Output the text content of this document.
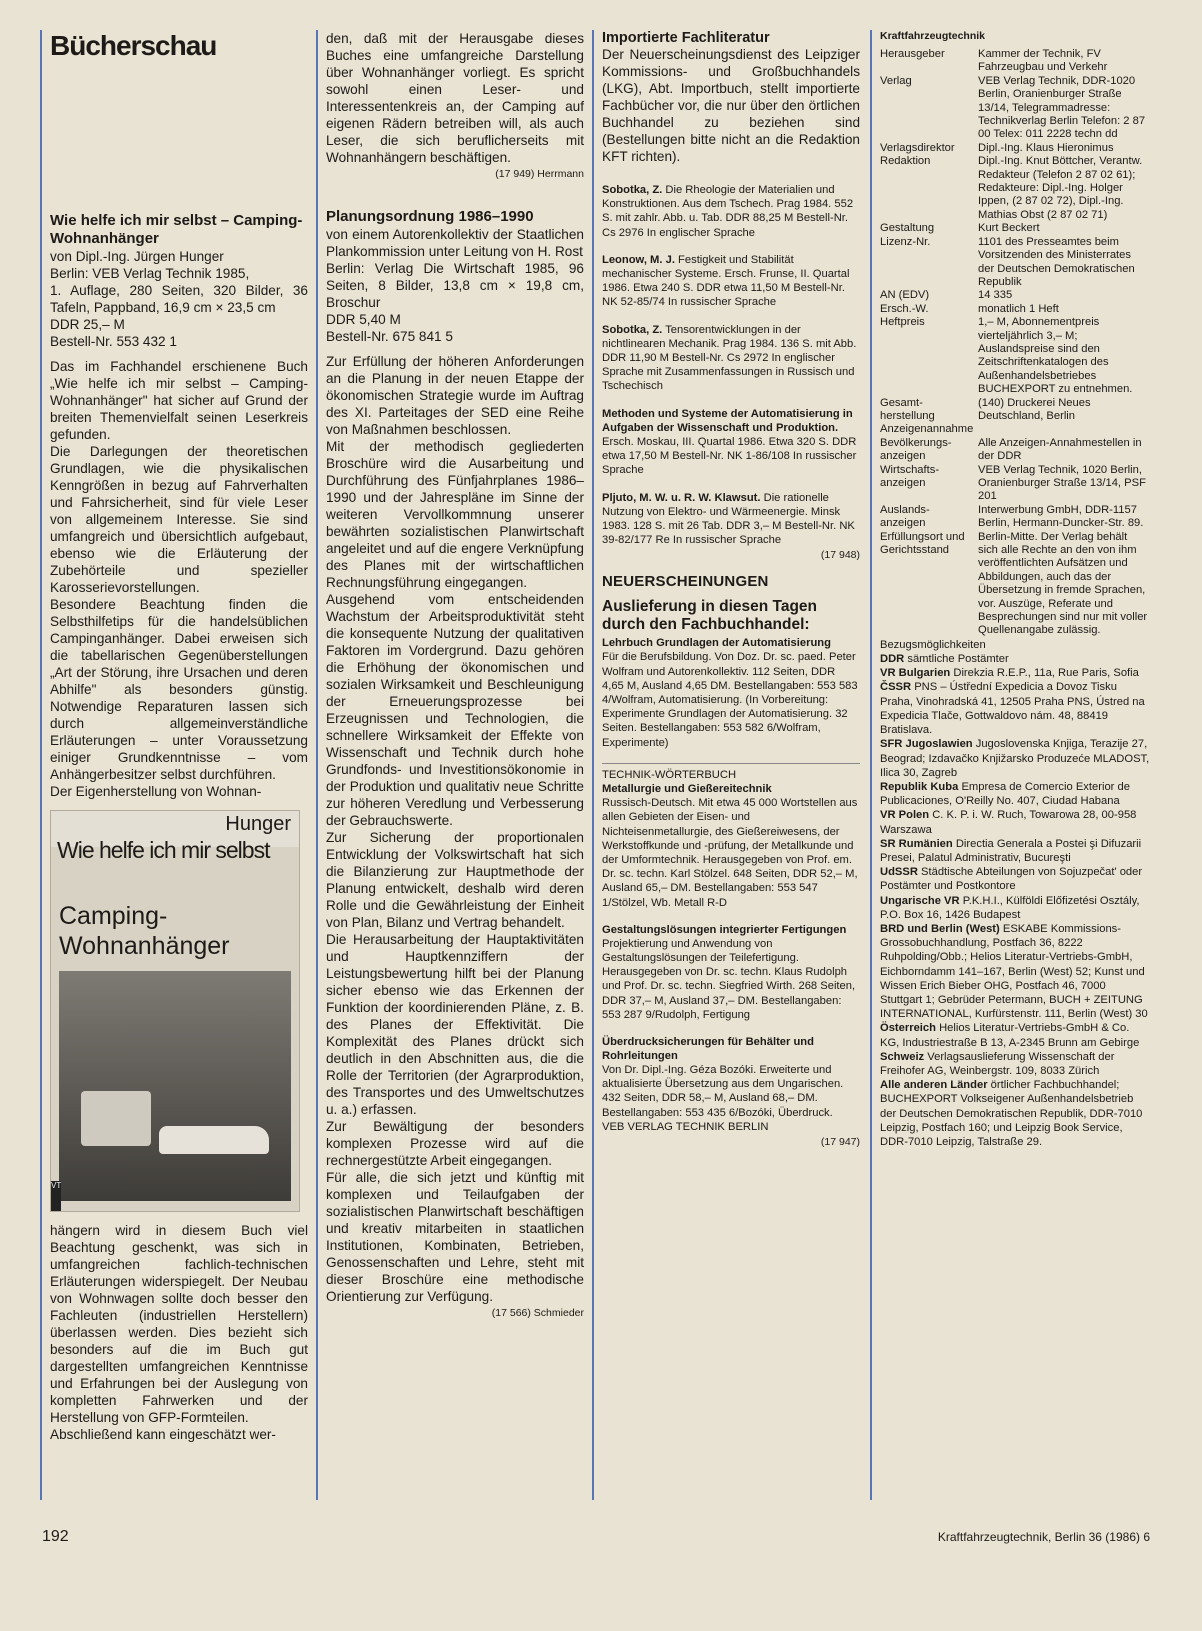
Bücherschau
Wie helfe ich mir selbst – Camping-Wohnanhänger
von Dipl.-Ing. Jürgen Hunger
Berlin: VEB Verlag Technik 1985,
1. Auflage, 280 Seiten, 320 Bilder, 36 Tafeln, Pappband, 16,9 cm × 23,5 cm
DDR 25,– M
Bestell-Nr. 553 432 1

Das im Fachhandel erschienene Buch „Wie helfe ich mir selbst – Camping-Wohnanhänger" hat sicher auf Grund der breiten Themenvielfalt seinen Leserkreis gefunden.

Die Darlegungen der theoretischen Grundlagen, wie die physikalischen Kenngrößen in bezug auf Fahrverhalten und Fahrsicherheit, sind für viele Leser von allgemeinem Interesse. Sie sind umfangreich und übersichtlich aufgebaut, ebenso wie die Erläuterung der Zubehörteile und spezieller Karosserievorstellungen.

Besondere Beachtung finden die Selbsthilfetips für die handelsüblichen Campinganhänger. Dabei erweisen sich die tabellarischen Gegenüberstellungen „Art der Störung, ihre Ursachen und deren Abhilfe" als besonders günstig. Notwendige Reparaturen lassen sich durch allgemeinverständliche Erläuterungen – unter Voraussetzung einiger Grundkenntnisse – vom Anhängerbesitzer selbst durchführen.

Der Eigenherstellung von Wohnan-

Hunger
Wie helfe ich mir selbst
Camping-
Wohnanhänger
VT

hängern wird in diesem Buch viel Beachtung geschenkt, was sich in umfangreichen fachlich-technischen Erläuterungen widerspiegelt. Der Neubau von Wohnwagen sollte doch besser den Fachleuten (industriellen Herstellern) überlassen werden. Dies bezieht sich besonders auf die im Buch gut dargestellten umfangreichen Kenntnisse und Erfahrungen bei der Auslegung von kompletten Fahrwerken und der Herstellung von GFP-Formteilen.

Abschließend kann eingeschätzt wer-

den, daß mit der Herausgabe dieses Buches eine umfangreiche Darstellung über Wohnanhänger vorliegt. Es spricht sowohl einen Leser- und Interessentenkreis an, der Camping auf eigenen Rädern betreiben will, als auch Leser, die sich beruflicherseits mit Wohnanhängern beschäftigen.

(17 949) Herrmann
Planungsordnung 1986–1990

von einem Autorenkollektiv der Staatlichen Plankommission unter Leitung von H. Rost

Berlin: Verlag Die Wirtschaft 1985, 96 Seiten, 8 Bilder, 13,8 cm × 19,8 cm, Broschur

DDR 5,40 M

Bestell-Nr. 675 841 5

Zur Erfüllung der höheren Anforderungen an die Planung in der neuen Etappe der ökonomischen Strategie wurde im Auftrag des XI. Parteitages der SED eine Reihe von Maßnahmen beschlossen.

Mit der methodisch gegliederten Broschüre wird die Ausarbeitung und Durchführung des Fünfjahrplanes 1986–1990 und der Jahrespläne im Sinne der weiteren Vervollkommnung unserer bewährten sozialistischen Planwirtschaft angeleitet und auf die engere Verknüpfung des Planes mit der wirtschaftlichen Rechnungsführung eingegangen.

Ausgehend vom entscheidenden Wachstum der Arbeitsproduktivität steht die konsequente Nutzung der qualitativen Faktoren im Vordergrund. Dazu gehören die Erhöhung der ökonomischen und sozialen Wirksamkeit und Beschleunigung der Erneuerungsprozesse bei Erzeugnissen und Technologien, die schnellere Wirksamkeit der Effekte von Wissenschaft und Technik durch hohe Grundfonds- und Investitionsökonomie in der Produktion und qualitativ neue Schritte zur höheren Veredlung und Verbesserung der Gebrauchswerte.

Zur Sicherung der proportionalen Entwicklung der Volkswirtschaft hat sich die Bilanzierung zur Hauptmethode der Planung entwickelt, deshalb wird deren Rolle und die Gewährleistung der Einheit von Plan, Bilanz und Vertrag behandelt.

Die Herausarbeitung der Hauptaktivitäten und Hauptkennziffern der Leistungsbewertung hilft bei der Planung sicher ebenso wie das Erkennen der Funktion der koordinierenden Pläne, z. B. des Planes der Effektivität. Die Komplexität des Planes drückt sich deutlich in den Abschnitten aus, die die Rolle der Territorien (der Agrarproduktion, des Transportes und des Umweltschutzes u. a.) erfassen.

Zur Bewältigung der besonders komplexen Prozesse wird auf die rechnergestützte Arbeit eingegangen.

Für alle, die sich jetzt und künftig mit komplexen und Teilaufgaben der sozialistischen Planwirtschaft beschäftigen und kreativ mitarbeiten in staatlichen Institutionen, Kombinaten, Betrieben, Genossenschaften und Lehre, steht mit dieser Broschüre eine methodische Orientierung zur Verfügung.

(17 566) Schmieder
Importierte Fachliteratur

Der Neuerscheinungsdienst des Leipziger Kommissions- und Großbuchhandels (LKG), Abt. Importbuch, stellt importierte Fachbücher vor, die nur über den örtlichen Buchhandel zu beziehen sind (Bestellungen bitte nicht an die Redaktion KFT richten).

Sobotka, Z. Die Rheologie der Materialien und Konstruktionen. Aus dem Tschech. Prag 1984. 552 S. mit zahlr. Abb. u. Tab. DDR 88,25 M Bestell-Nr. Cs 2976 In englischer Sprache
Leonow, M. J. Festigkeit und Stabilität mechanischer Systeme. Ersch. Frunse, II. Quartal 1986. Etwa 240 S. DDR etwa 11,50 M Bestell-Nr. NK 52-85/74 In russischer Sprache
Sobotka, Z. Tensorentwicklungen in der nichtlinearen Mechanik. Prag 1984. 136 S. mit Abb. DDR 11,90 M Bestell-Nr. Cs 2972 In englischer Sprache mit Zusammenfassungen in Russisch und Tschechisch
Methoden und Systeme der Automatisierung in Aufgaben der Wissenschaft und Produktion. Ersch. Moskau, III. Quartal 1986. Etwa 320 S. DDR etwa 17,50 M Bestell-Nr. NK 1-86/108 In russischer Sprache
Pljuto, M. W. u. R. W. Klawsut. Die rationelle Nutzung von Elektro- und Wärmeenergie. Minsk 1983. 128 S. mit 26 Tab. DDR 3,– M Bestell-Nr. NK 39-82/177 Re In russischer Sprache
(17 948)
NEUERSCHEINUNGEN
Auslieferung in diesen Tagen durch den Fachbuchhandel:
Lehrbuch Grundlagen der Automatisierung
Für die Berufsbildung. Von Doz. Dr. sc. paed. Peter Wolfram und Autorenkollektiv. 112 Seiten, DDR 4,65 M, Ausland 4,65 DM. Bestellangaben: 553 583 4/Wolfram, Automatisierung. (In Vorbereitung: Experimente Grundlagen der Automatisierung. 32 Seiten. Bestellangaben: 553 582 6/Wolfram, Experimente)
TECHNIK-WÖRTERBUCH
Metallurgie und Gießereitechnik
Russisch-Deutsch. Mit etwa 45 000 Wortstellen aus allen Gebieten der Eisen- und Nichteisenmetallurgie, des Gießereiwesens, der Werkstoffkunde und -prüfung, der Metallkunde und der Umformtechnik. Herausgegeben von Prof. em. Dr. sc. techn. Karl Stölzel. 648 Seiten, DDR 52,– M, Ausland 65,– DM. Bestellangaben: 553 547 1/Stölzel, Wb. Metall R-D
Gestaltungslösungen integrierter Fertigungen
Projektierung und Anwendung von Gestaltungslösungen der Teilefertigung. Herausgegeben von Dr. sc. techn. Klaus Rudolph und Prof. Dr. sc. techn. Siegfried Wirth. 268 Seiten, DDR 37,– M, Ausland 37,– DM. Bestellangaben: 553 287 9/Rudolph, Fertigung
Überdrucksicherungen für Behälter und Rohrleitungen
Von Dr. Dipl.-Ing. Géza Bozóki. Erweiterte und aktualisierte Übersetzung aus dem Ungarischen. 432 Seiten, DDR 58,– M, Ausland 68,– DM. Bestellangaben: 553 435 6/Bozóki, Überdruck.
VEB VERLAG TECHNIK BERLIN
(17 947)
Kraftfahrzeugtechnik
Herausgeber	Kammer der Technik, FV Fahrzeugbau und Verkehr
Verlag	VEB Verlag Technik, DDR-1020 Berlin, Oranienburger Straße 13/14, Telegrammadresse: Technikverlag Berlin Telefon: 2 87 00 Telex: 011 2228 techn dd
Verlagsdirektor	Dipl.-Ing. Klaus Hieronimus
Redaktion	Dipl.-Ing. Knut Böttcher, Verantw. Redakteur (Telefon 2 87 02 61); Redakteure: Dipl.-Ing. Holger Ippen, (2 87 02 72), Dipl.-Ing. Mathias Obst (2 87 02 71)
Gestaltung	Kurt Beckert
Lizenz-Nr.	1101 des Presseamtes beim Vorsitzenden des Ministerrates der Deutschen Demokratischen Republik
AN (EDV)	14 335
Ersch.-W.	monatlich 1 Heft
Heftpreis	1,– M, Abonnementpreis vierteljährlich 3,– M; Auslandspreise sind den Zeitschriftenkatalogen des Außenhandelsbetriebes BUCHEXPORT zu entnehmen.
Gesamt-herstellung	(140) Druckerei Neues Deutschland, Berlin
Anzeigenannahme	
Bevölkerungs-anzeigen	Alle Anzeigen-Annahmestellen in der DDR
Wirtschafts-anzeigen	VEB Verlag Technik, 1020 Berlin, Oranienburger Straße 13/14, PSF 201
Auslands-anzeigen	Interwerbung GmbH, DDR-1157 Berlin, Hermann-Duncker-Str. 89.
Erfüllungsort und Gerichtsstand	Berlin-Mitte. Der Verlag behält sich alle Rechte an den von ihm veröffentlichten Aufsätzen und Abbildungen, auch das der Übersetzung in fremde Sprachen, vor. Auszüge, Referate und Besprechungen sind nur mit voller Quellenangabe zulässig.
Bezugsmöglichkeiten
DDR sämtliche Postämter
VR Bulgarien Direkzia R.E.P., 11a, Rue Paris, Sofia
ČSSR PNS – Ústřední Expedicia a Dovoz Tisku Praha, Vinohradská 41, 12505 Praha PNS, Ústred na Expedicia Tlače, Gottwaldovo nám. 48, 88419 Bratislava.
SFR Jugoslawien Jugoslovenska Knjiga, Terazije 27, Beograd; Izdavačko Knjižarsko Produzeće MLADOST, Ilica 30, Zagreb
Republik Kuba Empresa de Comercio Exterior de Publicaciones, O'Reilly No. 407, Ciudad Habana
VR Polen C. K. P. i. W. Ruch, Towarowa 28, 00-958 Warszawa
SR Rumänien Directia Generala a Postei şi Difuzarii Presei, Palatul Administrativ, Bucureşti
UdSSR Städtische Abteilungen von Sojuzpečat' oder Postämter und Postkontore
Ungarische VR P.K.H.I., Külföldi Előfizetési Osztály, P.O. Box 16, 1426 Budapest
BRD und Berlin (West) ESKABE Kommissions-Grossobuchhandlung, Postfach 36, 8222 Ruhpolding/Obb.; Helios Literatur-Vertriebs-GmbH, Eichborndamm 141–167, Berlin (West) 52; Kunst und Wissen Erich Bieber OHG, Postfach 46, 7000 Stuttgart 1; Gebrüder Petermann, BUCH + ZEITUNG INTERNATIONAL, Kurfürstenstr. 111, Berlin (West) 30
Österreich Helios Literatur-Vertriebs-GmbH & Co. KG, Industriestraße B 13, A-2345 Brunn am Gebirge
Schweiz Verlagsauslieferung Wissenschaft der Freihofer AG, Weinbergstr. 109, 8033 Zürich
Alle anderen Länder örtlicher Fachbuchhandel; BUCHEXPORT Volkseigener Außenhandelsbetrieb der Deutschen Demokratischen Republik, DDR-7010 Leipzig, Postfach 160; und Leipzig Book Service, DDR-7010 Leipzig, Talstraße 29.
192	Kraftfahrzeugtechnik, Berlin 36 (1986) 6
